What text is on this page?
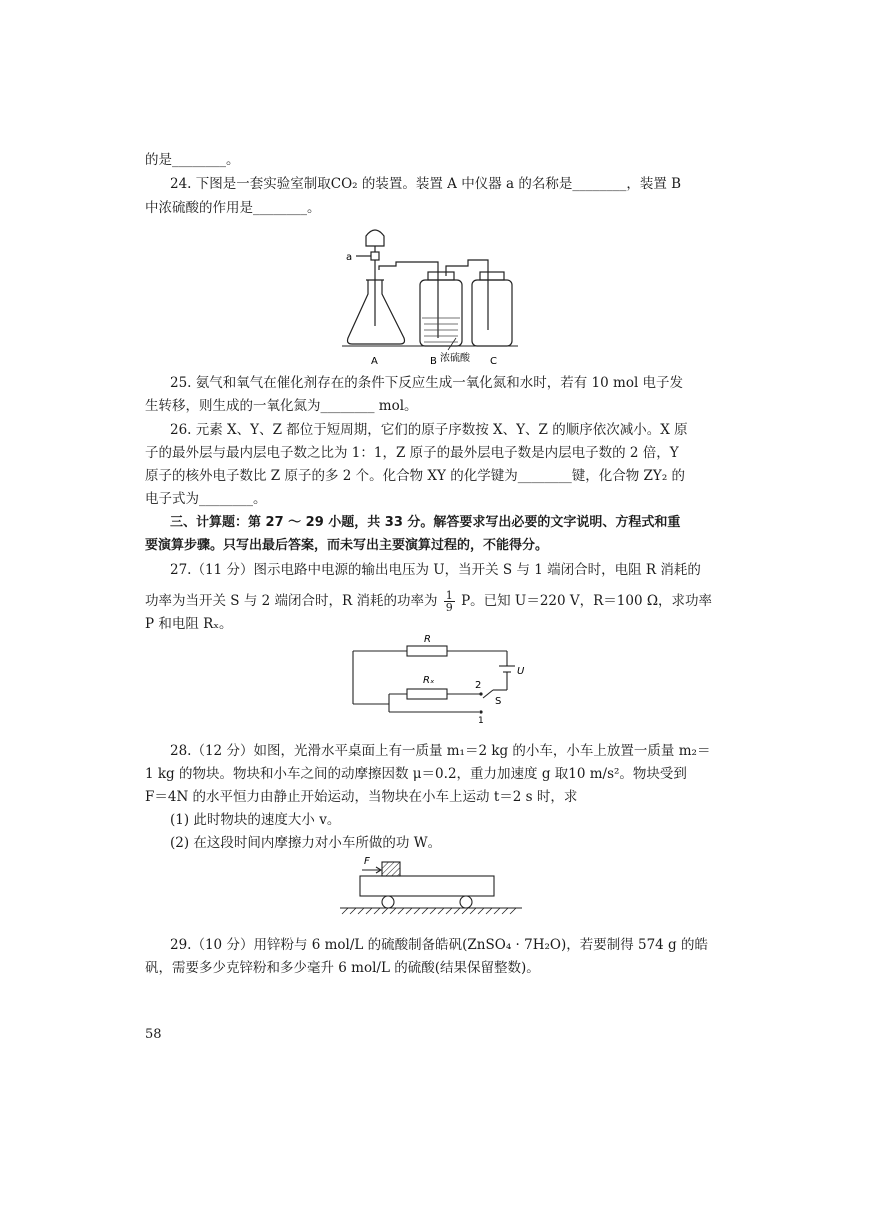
的是________。
24. 下图是一套实验室制取CO₂ 的装置。装置 A 中仪器 a 的名称是________，装置 B
中浓硫酸的作用是________。
a
A	B 浓硫酸 C
25. 氨气和氧气在催化剂存在的条件下反应生成一氧化氮和水时，若有 10 mol 电子发
生转移，则生成的一氧化氮为________ mol。
26. 元素 X、Y、Z 都位于短周期，它们的原子序数按 X、Y、Z 的顺序依次减小。X 原
子的最外层与最内层电子数之比为 1：1，Z 原子的最外层电子数是内层电子数的 2 倍，Y
原子的核外电子数比 Z 原子的多 2 个。化合物 XY 的化学键为________键，化合物 ZY₂ 的
电子式为________。
三、计算题：第 27 ～ 29 小题，共 33 分。解答要求写出必要的文字说明、方程式和重
要演算步骤。只写出最后答案，而未写出主要演算过程的，不能得分。
27.（11 分）图示电路中电源的输出电压为 U，当开关 S 与 1 端闭合时，电阻 R 消耗的
功率为当开关 S 与 2 端闭合时，R 消耗的功率为 $\frac{1}{9}$ P。已知 U＝220 V，R＝100 Ω，求功率
P 和电阻 Rₓ。
R
Rₓ
U
2
S
1
28.（12 分）如图，光滑水平桌面上有一质量 m₁＝2 kg 的小车，小车上放置一质量 m₂＝
1 kg 的物块。物块和小车之间的动摩擦因数 μ＝0.2，重力加速度 g 取10 m/s²。物块受到
F＝4N 的水平恒力由静止开始运动，当物块在小车上运动 t＝2 s 时，求
(1) 此时物块的速度大小 v。
(2) 在这段时间内摩擦力对小车所做的功 W。
F
29.（10 分）用锌粉与 6 mol/L 的硫酸制备皓矾(ZnSO₄ · 7H₂O)，若要制得 574 g 的皓
矾，需要多少克锌粉和多少毫升 6 mol/L 的硫酸(结果保留整数)。
58
